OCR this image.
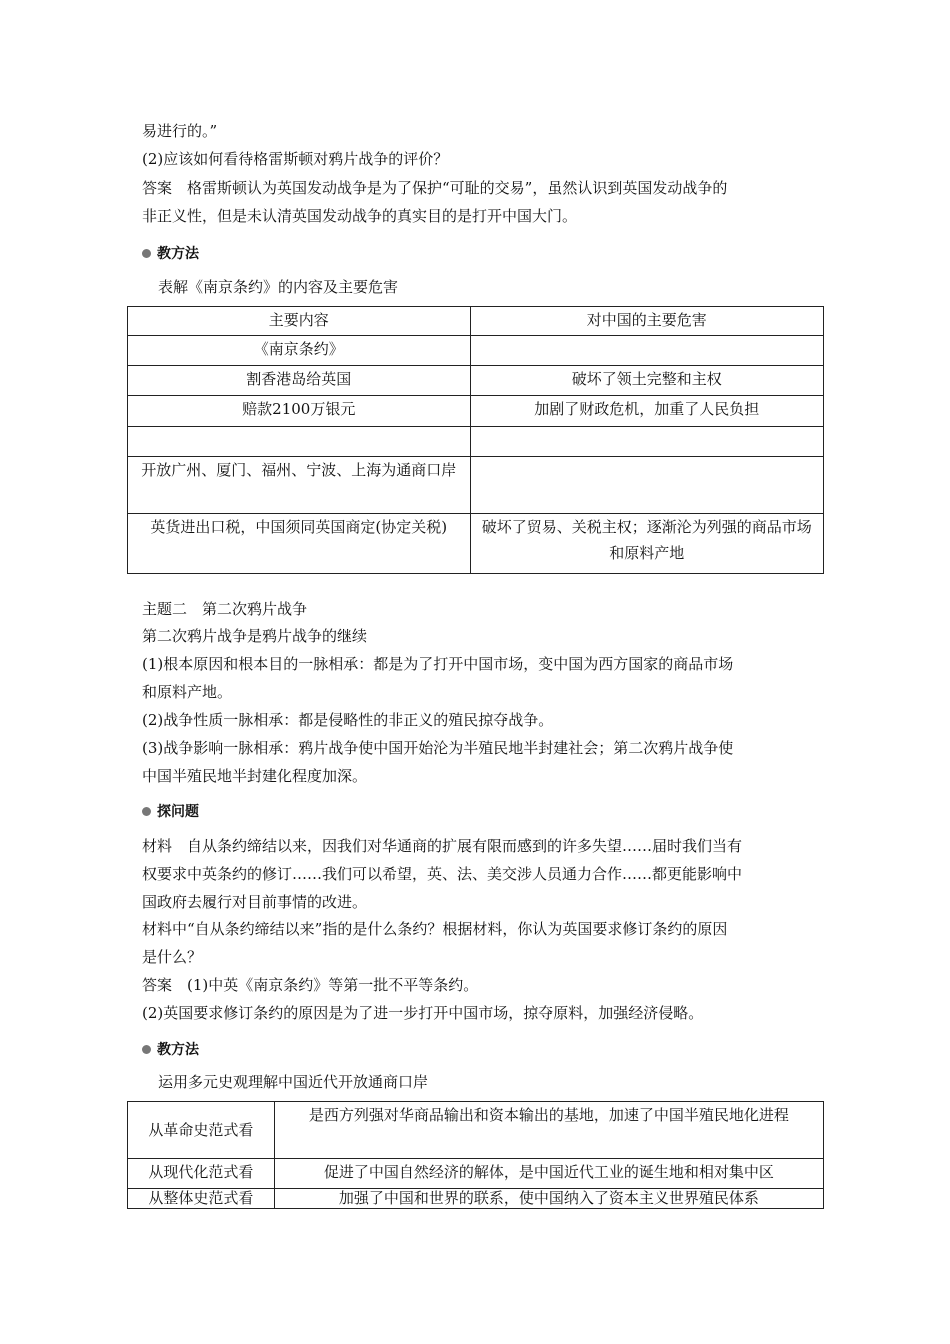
易进行的。”
(2)应该如何看待格雷斯顿对鸦片战争的评价？
答案　格雷斯顿认为英国发动战争是为了保护“可耻的交易”，虽然认识到英国发动战争的
非正义性，但是未认清英国发动战争的真实目的是打开中国大门。
教方法
表解《南京条约》的内容及主要危害
主要内容	对中国的主要危害
《南京条约》	
割香港岛给英国	破坏了领土完整和主权
赔款2100万银元	加剧了财政危机，加重了人民负担

开放广州、厦门、福州、宁波、上海为通商口岸	
英货进出口税，中国须同英国商定(协定关税)	破坏了贸易、关税主权；逐渐沦为列强的商品市场和原料产地
主题二　第二次鸦片战争
第二次鸦片战争是鸦片战争的继续
(1)根本原因和根本目的一脉相承：都是为了打开中国市场，变中国为西方国家的商品市场
和原料产地。
(2)战争性质一脉相承：都是侵略性的非正义的殖民掠夺战争。
(3)战争影响一脉相承：鸦片战争使中国开始沦为半殖民地半封建社会；第二次鸦片战争使
中国半殖民地半封建化程度加深。
探问题
材料　自从条约缔结以来，因我们对华通商的扩展有限而感到的许多失望……届时我们当有
权要求中英条约的修订……我们可以希望，英、法、美交涉人员通力合作……都更能影响中
国政府去履行对目前事情的改进。
材料中“自从条约缔结以来”指的是什么条约？根据材料，你认为英国要求修订条约的原因
是什么？
答案　(1)中英《南京条约》等第一批不平等条约。
(2)英国要求修订条约的原因是为了进一步打开中国市场，掠夺原料，加强经济侵略。
教方法
运用多元史观理解中国近代开放通商口岸
从革命史范式看	是西方列强对华商品输出和资本输出的基地，加速了中国半殖民地化进程
从现代化范式看	促进了中国自然经济的解体，是中国近代工业的诞生地和相对集中区
从整体史范式看	加强了中国和世界的联系，使中国纳入了资本主义世界殖民体系
